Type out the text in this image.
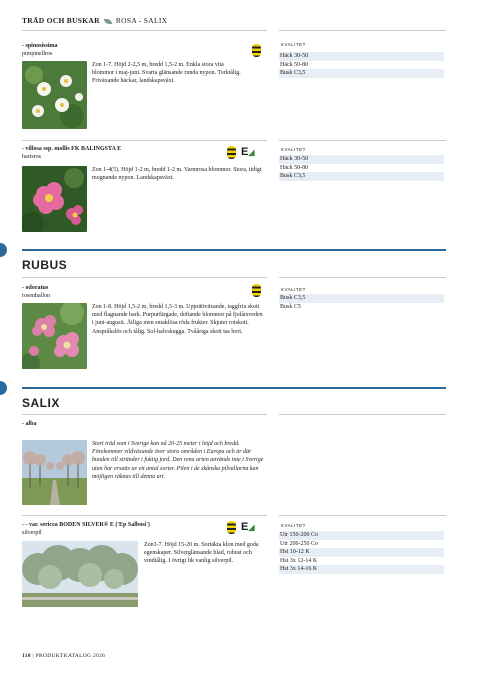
TRÄD OCH BUSKAR ROSA - SALIX
- spinosissima
pimpinellros
Zon 1-7. Höjd 2-2,5 m, bredd 1,5-2 m. Enkla stora vita blommor i maj-juni. Svarta glänsande runda nypon. Torktålig. Friväxande häckar, landskapsväxt.
KVALITET
Häck 30-50
Häck 50-80
Busk C3,5
- villosa ssp. mollis FK BALINGSTA E
hartsros	E◢
Zon 1-4(5). Höjd 1-2 m, bredd 1-2 m. Varmrosa blommor. Stora, tidigt mognande nypon. Landskapsväxt.
KVALITET
Häck 30-50
Häck 50-80
Busk C3,5
RUBUS
- odoratus
rosenhallon
Zon 1-8. Höjd 1,5-2 m, bredd 1,5-3 m. Upprättväxande, taggfria skott med flagnande bark. Purpurfärgade, doftande blommor på fjolårsveden i juni-augusti. Ätliga men smaklösa röda frukter. Skjuter rotskott. Anspråkslös och tålig. Sol-halvskugga. Tvååriga skott tas bort.
KVALITET
Busk C3,5
Busk C5
SALIX
- alba
Stort träd som i Sverige kan nå 20-25 meter i höjd och bredd. Förekommer vildväxande över stora områden i Europa och är där bunden till stränder i fuktig jord. Den rena arten används inte i Sverige utan har ersatts av ett antal sorter. Pilen i de skånska pilvallarna kan möjligen räknas till denna art.
- - var. sericea BODEN SILVER® E ('Ep Salbosi')
silverpil	E◢
Zon1-7. Höjd 15-20 m. Sortäkta klon med goda egenskaper. Silverglänsande blad, robust och vindtålig. I övrigt lik vanlig silverpil.
KVALITET
Utr 150-200 Co
Utr 200-250 Co
Hst 10-12 K
Hst 3x 12-14 K
Hst 3x 14-16 K
110 | PRODUKTKATALOG 2026
